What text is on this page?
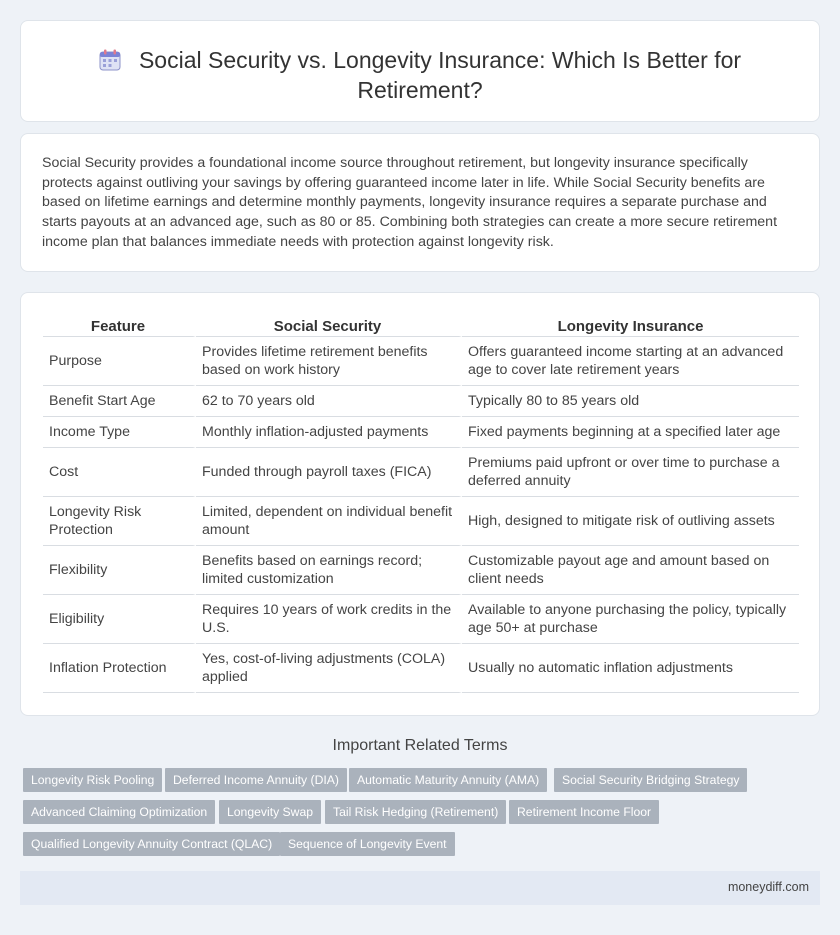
Social Security vs. Longevity Insurance: Which Is Better for Retirement?

Social Security provides a foundational income source throughout retirement, but longevity insurance specifically protects against outliving your savings by offering guaranteed income later in life. While Social Security benefits are based on lifetime earnings and determine monthly payments, longevity insurance requires a separate purchase and starts payouts at an advanced age, such as 80 or 85. Combining both strategies can create a more secure retirement income plan that balances immediate needs with protection against longevity risk.

Feature	Social Security	Longevity Insurance
Purpose	Provides lifetime retirement benefits based on work history	Offers guaranteed income starting at an advanced age to cover late retirement years
Benefit Start Age	62 to 70 years old	Typically 80 to 85 years old
Income Type	Monthly inflation-adjusted payments	Fixed payments beginning at a specified later age
Cost	Funded through payroll taxes (FICA)	Premiums paid upfront or over time to purchase a deferred annuity
Longevity Risk Protection	Limited, dependent on individual benefit amount	High, designed to mitigate risk of outliving assets
Flexibility	Benefits based on earnings record; limited customization	Customizable payout age and amount based on client needs
Eligibility	Requires 10 years of work credits in the U.S.	Available to anyone purchasing the policy, typically age 50+ at purchase
Inflation Protection	Yes, cost-of-living adjustments (COLA) applied	Usually no automatic inflation adjustments
Important Related Terms
Longevity Risk Pooling	Deferred Income Annuity (DIA)	Automatic Maturity Annuity (AMA)	Social Security Bridging Strategy
Advanced Claiming Optimization	Longevity Swap	Tail Risk Hedging (Retirement)	Retirement Income Floor
Qualified Longevity Annuity Contract (QLAC)	Sequence of Longevity Event
moneydiff.com
